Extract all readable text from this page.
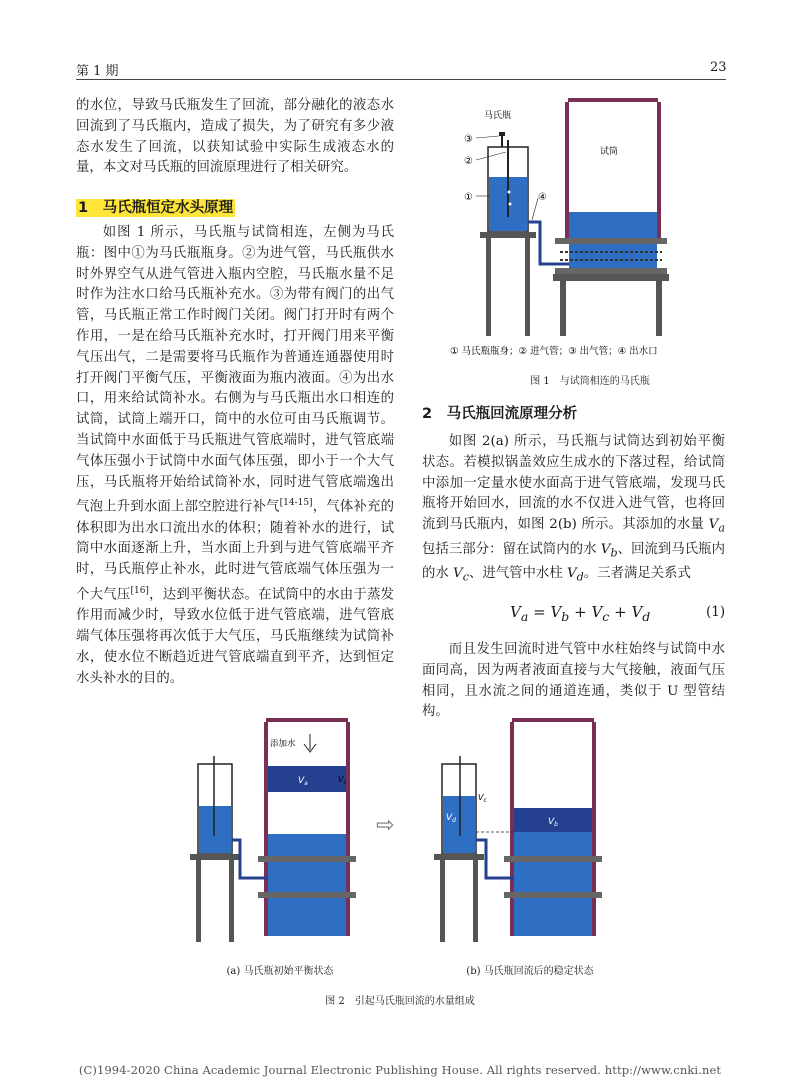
第 1 期	23

的水位，导致马氏瓶发生了回流，部分融化的液态水回流到了马氏瓶内，造成了损失，为了研究有多少液态水发生了回流，以获知试验中实际生成液态水的量，本文对马氏瓶的回流原理进行了相关研究。

1　马氏瓶恒定水头原理

如图 1 所示，马氏瓶与试筒相连，左侧为马氏瓶：图中①为马氏瓶瓶身。②为进气管，马氏瓶供水时外界空气从进气管进入瓶内空腔，马氏瓶水量不足时作为注水口给马氏瓶补充水。③为带有阀门的出气管，马氏瓶正常工作时阀门关闭。阀门打开时有两个作用，一是在给马氏瓶补充水时，打开阀门用来平衡气压出气，二是需要将马氏瓶作为普通连通器使用时打开阀门平衡气压，平衡液面为瓶内液面。④为出水口，用来给试筒补水。右侧为与马氏瓶出水口相连的试筒，试筒上端开口，筒中的水位可由马氏瓶调节。当试筒中水面低于马氏瓶进气管底端时，进气管底端气体压强小于试筒中水面气体压强，即小于一个大气压，马氏瓶将开始给试筒补水，同时进气管底端逸出气泡上升到水面上部空腔进行补气[14-15]，气体补充的体积即为出水口流出水的体积；随着补水的进行，试筒中水面逐渐上升，当水面上升到与进气管底端平齐时，马氏瓶停止补水，此时进气管底端气体压强为一个大气压[16]，达到平衡状态。在试筒中的水由于蒸发作用而减少时，导致水位低于进气管底端，进气管底端气体压强将再次低于大气压，马氏瓶继续为试筒补水，使水位不断趋近进气管底端直到平齐，达到恒定水头补水的目的。

马氏瓶
试筒
③
②
①	④
① 马氏瓶瓶身；② 进气管；③ 出气管；④ 出水口
图 1　与试筒相连的马氏瓶
2　马氏瓶回流原理分析

如图 2(a) 所示，马氏瓶与试筒达到初始平衡状态。若模拟锅盖效应生成水的下落过程，给试筒中添加一定量水使水面高于进气管底端，发现马氏瓶将开始回水，回流的水不仅进入进气管，也将回流到马氏瓶内，如图 2(b) 所示。其添加的水量 $V_a$ 包括三部分：留在试筒内的水 $V_b$、回流到马氏瓶内的水 $V_c$、进气管中水柱 $V_d$。三者满足关系式

$V_a = V_b + V_c + V_d$	(1)

而且发生回流时进气管中水柱始终与试筒中水面同高，因为两者液面直接与大气接触，液面气压相同，且水流之间的通道连通，类似于 U 型管结构。

添加水
$V_a$	$V_c$
⇨	$V_b$
$V_d$
$V_c$
(a) 马氏瓶初始平衡状态	(b) 马氏瓶回流后的稳定状态
图 2　引起马氏瓶回流的水量组成
(C)1994-2020 China Academic Journal Electronic Publishing House. All rights reserved. http://www.cnki.net
